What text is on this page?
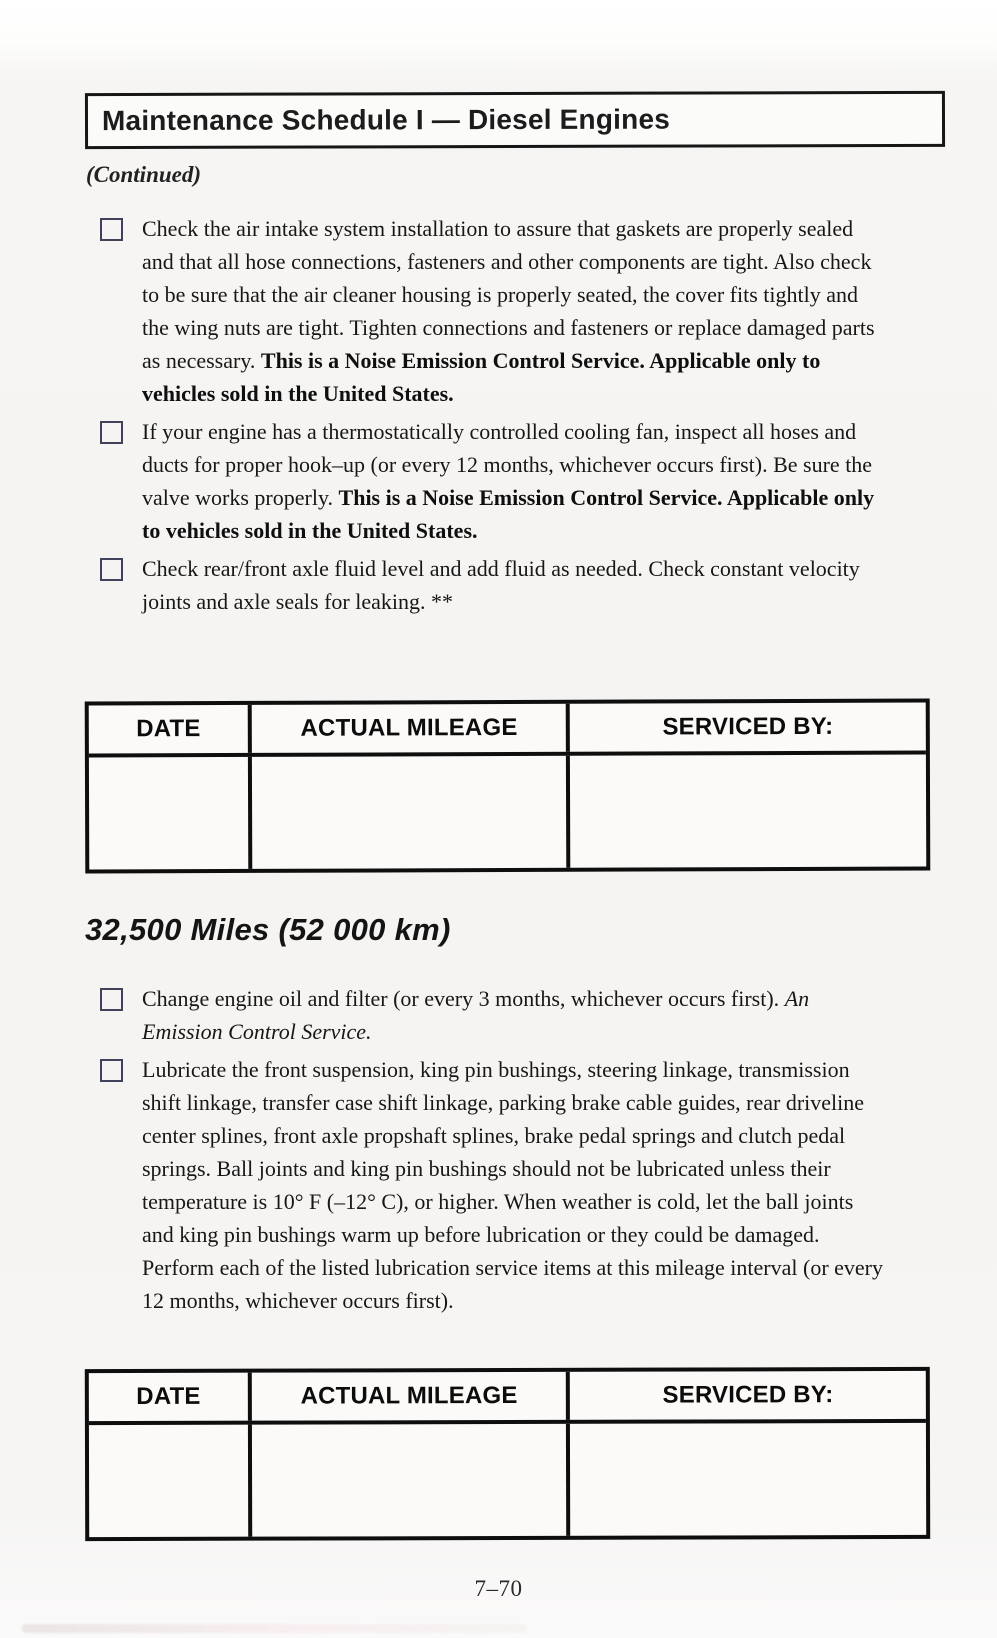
Maintenance Schedule I — Diesel Engines
(Continued)

Check the air intake system installation to assure that gaskets are properly sealed and that all hose connections, fasteners and other components are tight. Also check to be sure that the air cleaner housing is properly seated, the cover fits tightly and the wing nuts are tight. Tighten connections and fasteners or replace damaged parts as necessary. This is a Noise Emission Control Service. Applicable only to vehicles sold in the United States.

If your engine has a thermostatically controlled cooling fan, inspect all hoses and ducts for proper hook–up (or every 12 months, whichever occurs first). Be sure the valve works properly. This is a Noise Emission Control Service. Applicable only to vehicles sold in the United States.

Check rear/front axle fluid level and add fluid as needed. Check constant velocity joints and axle seals for leaking. **

DATE	ACTUAL MILEAGE	SERVICED BY:
32,500 Miles (52 000 km)

Change engine oil and filter (or every 3 months, whichever occurs first). An Emission Control Service.

Lubricate the front suspension, king pin bushings, steering linkage, transmission shift linkage, transfer case shift linkage, parking brake cable guides, rear driveline center splines, front axle propshaft splines, brake pedal springs and clutch pedal springs. Ball joints and king pin bushings should not be lubricated unless their temperature is 10° F (–12° C), or higher. When weather is cold, let the ball joints and king pin bushings warm up before lubrication or they could be damaged. Perform each of the listed lubrication service items at this mileage interval (or every 12 months, whichever occurs first).

DATE	ACTUAL MILEAGE	SERVICED BY:
7–70
